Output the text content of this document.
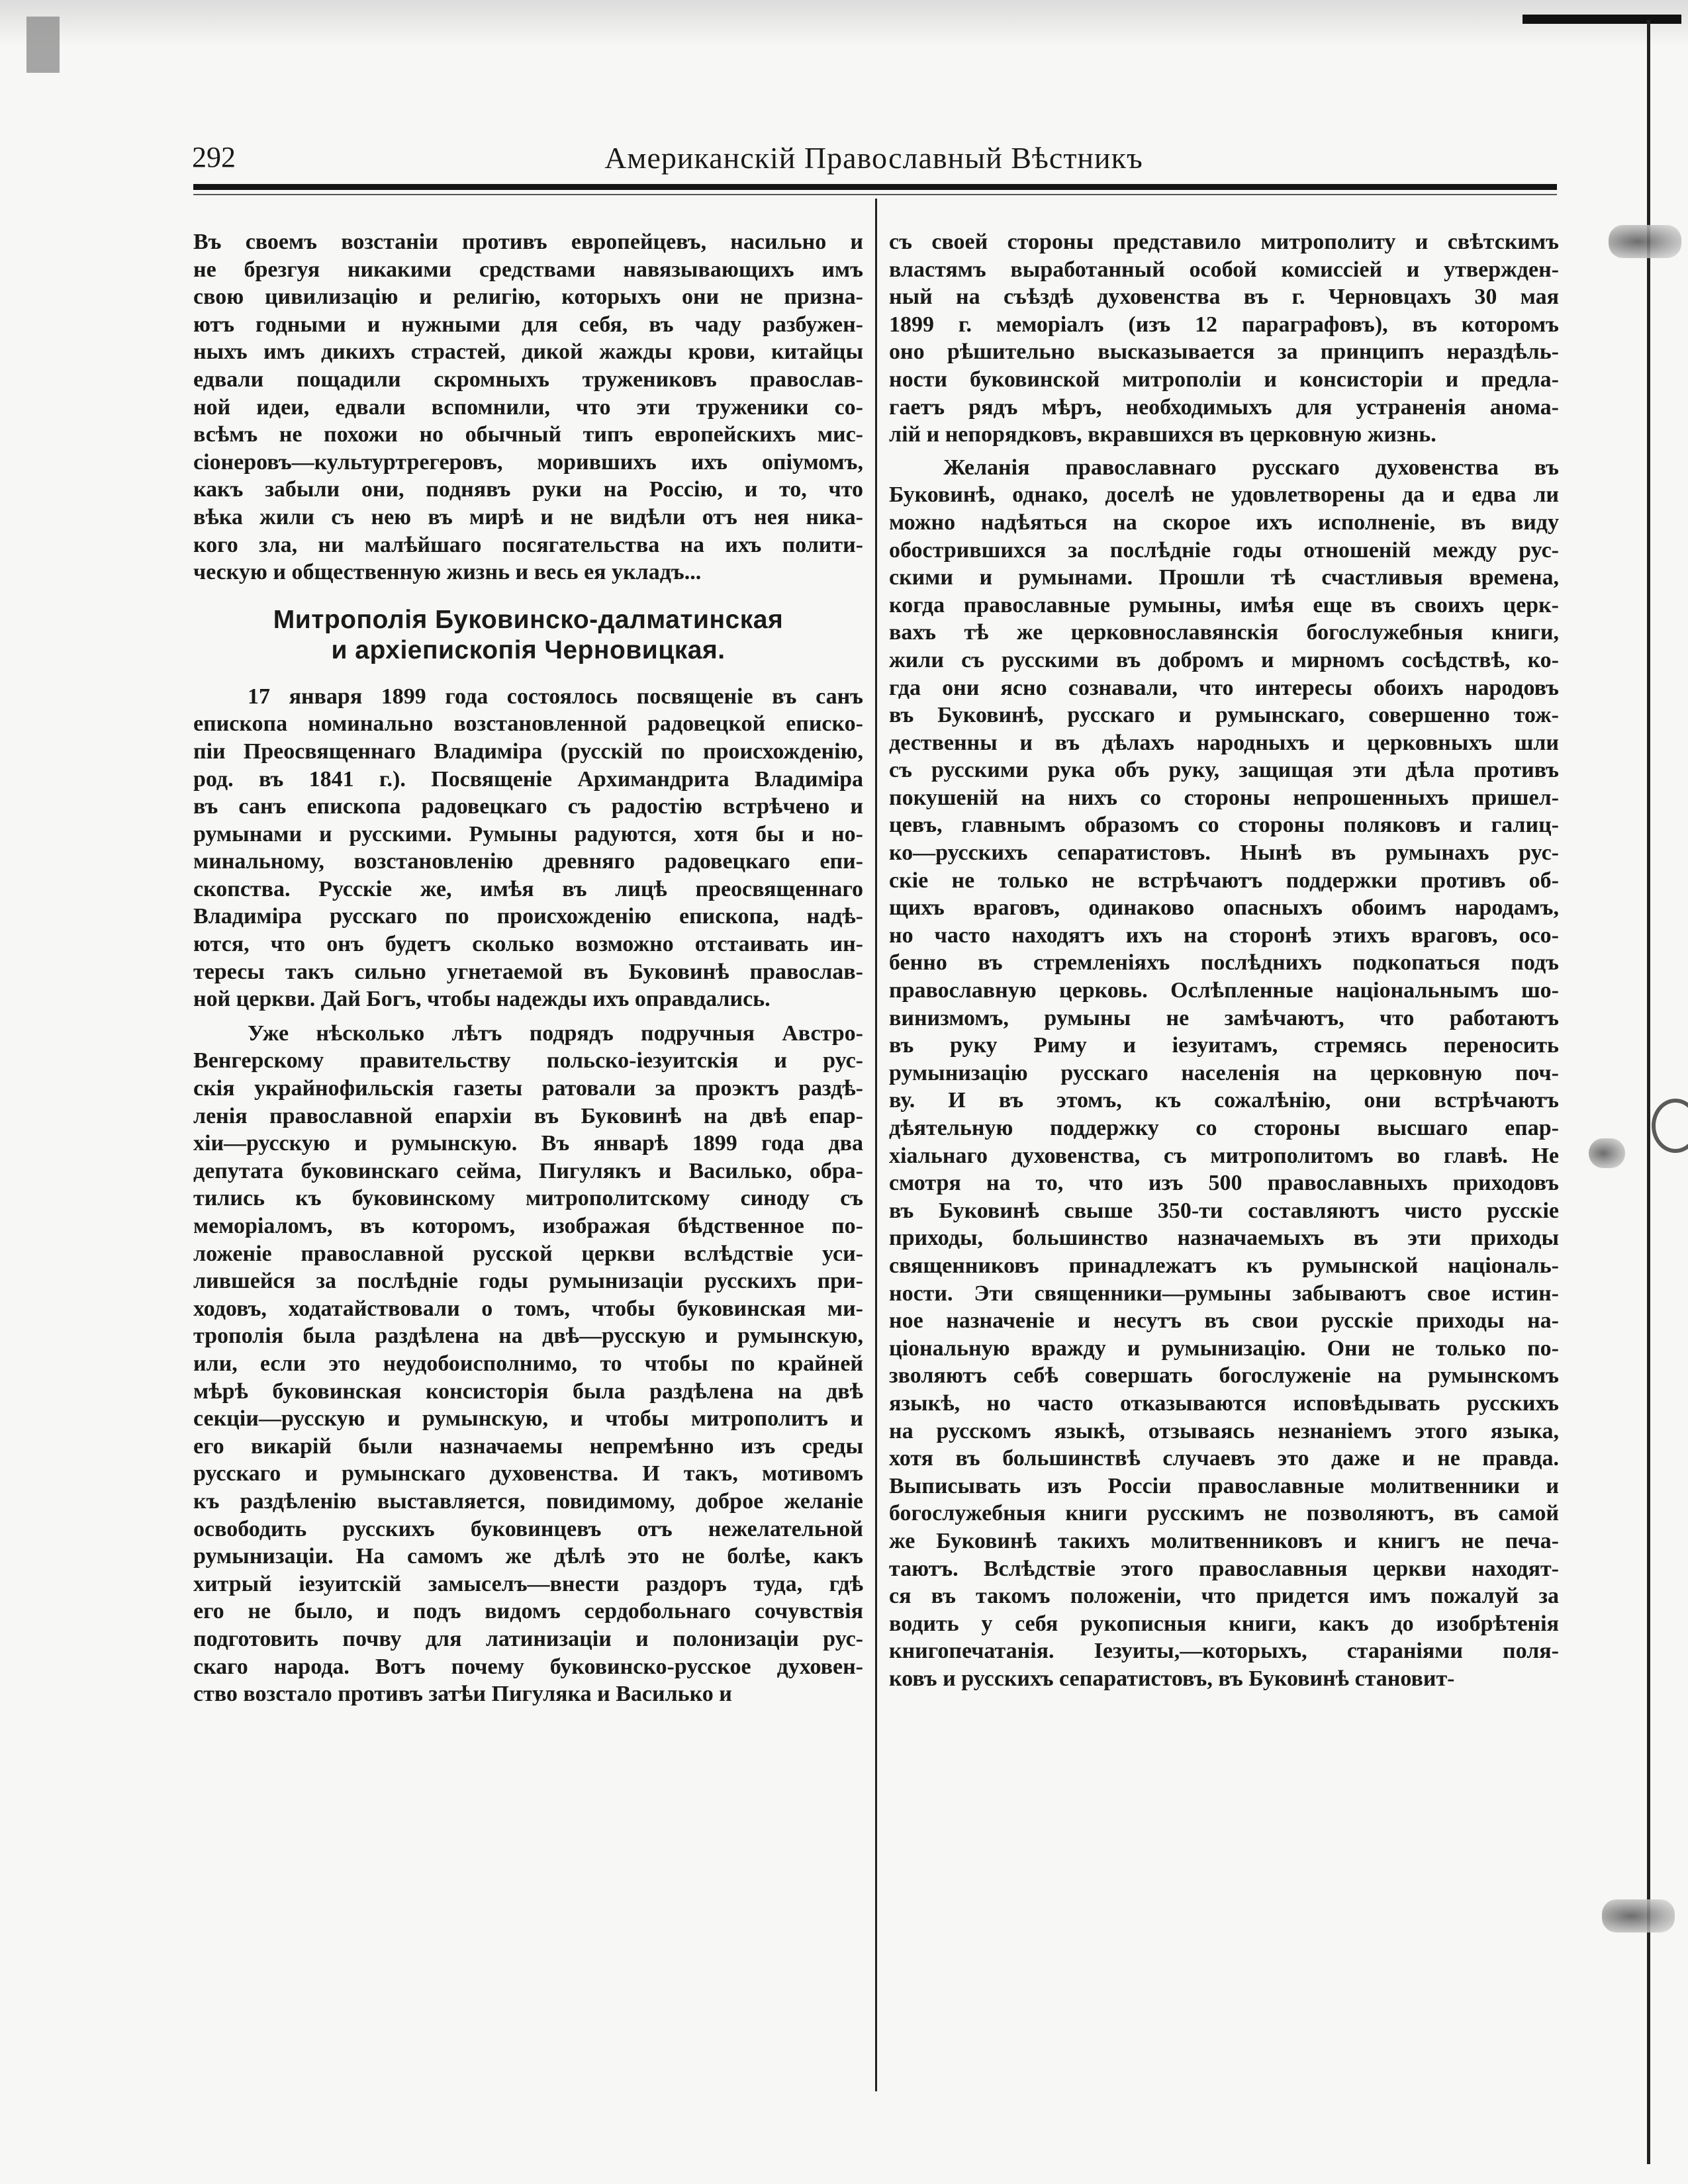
292	Американскій Православный Вѣстникъ
Въ своемъ возстаніи противъ европейцевъ, насильно и
не брезгуя никакими средствами навязывающихъ имъ
свою цивилизацію и религію, которыхъ они не призна-
ютъ годными и нужными для себя, въ чаду разбужен-
ныхъ имъ дикихъ страстей, дикой жажды крови, китайцы
едвали пощадили скромныхъ тружениковъ православ-
ной идеи, едвали вспомнили, что эти труженики со-
всѣмъ не похожи но обычный типъ европейскихъ мис-
сіонеровъ—культуртрегеровъ, морившихъ ихъ опіумомъ,
какъ забыли они, поднявъ руки на Россію, и то, что
вѣка жили съ нею въ мирѣ и не видѣли отъ нея ника-
кого зла, ни малѣйшаго посягательства на ихъ полити-
ческую и общественную жизнь и весь ея укладъ...
Митрополія Буковинско-далматинская
и архіепископія Черновицкая.
17 января 1899 года состоялось посвященіе въ санъ
епископа номинально возстановленной радовецкой еписко-
піи Преосвященнаго Владиміра (русскій по происхожденію,
род. въ 1841 г.). Посвященіе Архимандрита Владиміра
въ санъ епископа радовецкаго съ радостію встрѣчено и
румынами и русскими. Румыны радуются, хотя бы и но-
минальному, возстановленію древняго радовецкаго епи-
скопства. Русскіе же, имѣя въ лицѣ преосвященнаго
Владиміра русскаго по происхожденію епископа, надѣ-
ются, что онъ будетъ сколько возможно отстаивать ин-
тересы такъ сильно угнетаемой въ Буковинѣ православ-
ной церкви. Дай Богъ, чтобы надежды ихъ оправдались.
Уже нѣсколько лѣтъ подрядъ подручныя Австро-
Венгерскому правительству польско-іезуитскія и рус-
скія украйнофильскія газеты ратовали за проэктъ раздѣ-
ленія православной епархіи въ Буковинѣ на двѣ епар-
хіи—русскую и румынскую. Въ январѣ 1899 года два
депутата буковинскаго сейма, Пигулякъ и Василько, обра-
тились къ буковинскому митрополитскому синоду съ
меморіаломъ, въ которомъ, изображая бѣдственное по-
ложеніе православной русской церкви вслѣдствіе уси-
лившейся за послѣдніе годы румынизаціи русскихъ при-
ходовъ, ходатайствовали о томъ, чтобы буковинская ми-
трополія была раздѣлена на двѣ—русскую и румынскую,
или, если это неудобоисполнимо, то чтобы по крайней
мѣрѣ буковинская консисторія была раздѣлена на двѣ
секціи—русскую и румынскую, и чтобы митрополитъ и
его викарій были назначаемы непремѣнно изъ среды
русскаго и румынскаго духовенства. И такъ, мотивомъ
къ раздѣленію выставляется, повидимому, доброе желаніе
освободить русскихъ буковинцевъ отъ нежелательной
румынизаціи. На самомъ же дѣлѣ это не болѣе, какъ
хитрый іезуитскій замыселъ—внести раздоръ туда, гдѣ
его не было, и подъ видомъ сердобольнаго сочувствія
подготовить почву для латинизаціи и полонизаціи рус-
скаго народа. Вотъ почему буковинско-русское духовен-
ство возстало противъ затѣи Пигуляка и Василько и
съ своей стороны представило митрополиту и свѣтскимъ
властямъ выработанный особой комиссіей и утвержден-
ный на съѣздѣ духовенства въ г. Черновцахъ 30 мая
1899 г. меморіалъ (изъ 12 параграфовъ), въ которомъ
оно рѣшительно высказывается за принципъ нераздѣль-
ности буковинской митрополіи и консисторіи и предла-
гаетъ рядъ мѣръ, необходимыхъ для устраненія анома-
лій и непорядковъ, вкравшихся въ церковную жизнь.
Желанія православнаго русскаго духовенства въ
Буковинѣ, однако, доселѣ не удовлетворены да и едва ли
можно надѣяться на скорое ихъ исполненіе, въ виду
обострившихся за послѣдніе годы отношеній между рус-
скими и румынами. Прошли тѣ счастливыя времена,
когда православные румыны, имѣя еще въ своихъ церк-
вахъ тѣ же церковнославянскія богослужебныя книги,
жили съ русскими въ добромъ и мирномъ сосѣдствѣ, ко-
гда они ясно сознавали, что интересы обоихъ народовъ
въ Буковинѣ, русскаго и румынскаго, совершенно тож-
дественны и въ дѣлахъ народныхъ и церковныхъ шли
съ русскими рука объ руку, защищая эти дѣла противъ
покушеній на нихъ со стороны непрошенныхъ пришел-
цевъ, главнымъ образомъ со стороны поляковъ и галиц-
ко—русскихъ сепаратистовъ. Нынѣ въ румынахъ рус-
скіе не только не встрѣчаютъ поддержки противъ об-
щихъ враговъ, одинаково опасныхъ обоимъ народамъ,
но часто находятъ ихъ на сторонѣ этихъ враговъ, осо-
бенно въ стремленіяхъ послѣднихъ подкопаться подъ
православную церковь. Ослѣпленные національнымъ шо-
винизмомъ, румыны не замѣчаютъ, что работаютъ
въ руку Риму и іезуитамъ, стремясь переносить
румынизацію русскаго населенія на церковную поч-
ву. И въ этомъ, къ сожалѣнію, они встрѣчаютъ
дѣятельную поддержку со стороны высшаго епар-
хіальнаго духовенства, съ митрополитомъ во главѣ. Не
смотря на то, что изъ 500 православныхъ приходовъ
въ Буковинѣ свыше 350-ти составляютъ чисто русскіе
приходы, большинство назначаемыхъ въ эти приходы
священниковъ принадлежатъ къ румынской національ-
ности. Эти священники—румыны забываютъ свое истин-
ное назначеніе и несутъ въ свои русскіе приходы на-
ціональную вражду и румынизацію. Они не только по-
зволяютъ себѣ совершать богослуженіе на румынскомъ
языкѣ, но часто отказываются исповѣдывать русскихъ
на русскомъ языкѣ, отзываясь незнаніемъ этого языка,
хотя въ большинствѣ случаевъ это даже и не правда.
Выписывать изъ Россіи православные молитвенники и
богослужебныя книги русскимъ не позволяютъ, въ самой
же Буковинѣ такихъ молитвенниковъ и книгъ не печа-
таютъ. Вслѣдствіе этого православныя церкви находят-
ся въ такомъ положеніи, что придется имъ пожалуй за
водить у себя рукописныя книги, какъ до изобрѣтенія
книгопечатанія. Іезуиты,—которыхъ, стараніями поля-
ковъ и русскихъ сепаратистовъ, въ Буковинѣ становит-
